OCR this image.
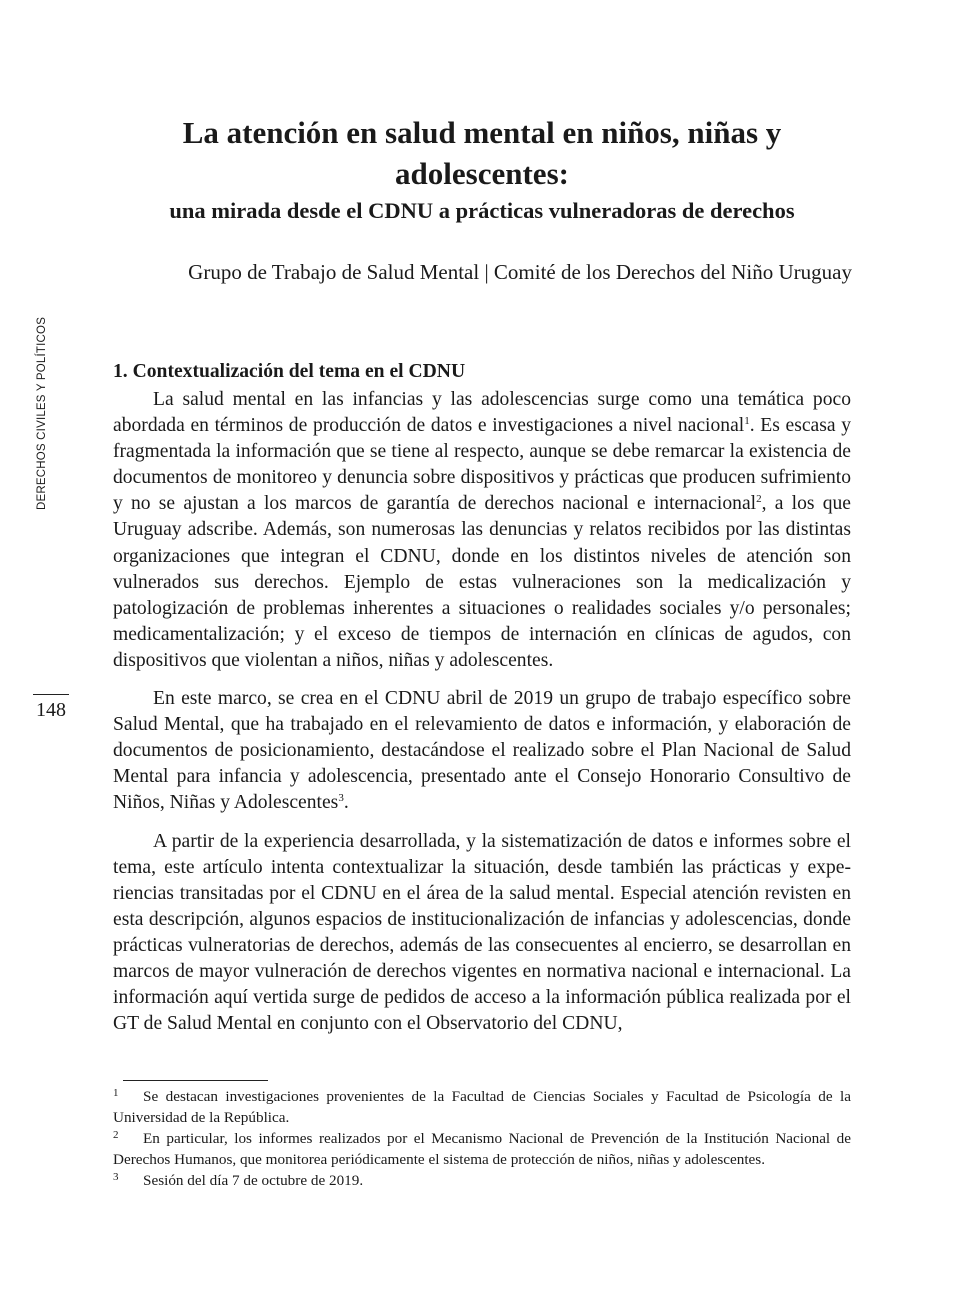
La atención en salud mental en niños, niñas y adolescentes:
una mirada desde el CDNU a prácticas vulneradoras de derechos
Grupo de Trabajo de Salud Mental | Comité de los Derechos del Niño Uruguay
DERECHOS CIVILES Y POLÍTICOS
148
1. Contextualización del tema en el CDNU

La salud mental en las infancias y las adolescencias surge como una temática poco abordada en términos de producción de datos e investigaciones a nivel nacional$^1$. Es escasa y fragmentada la información que se tiene al respecto, aunque se debe remarcar la existencia de documentos de monitoreo y denuncia sobre dispositivos y prácticas que producen sufrimiento y no se ajustan a los marcos de garantía de derechos nacional e internacional$^2$, a los que Uruguay adscribe. Además, son numerosas las denuncias y relatos recibidos por las distintas organizaciones que integran el CDNU, donde en los distintos niveles de atención son vulnerados sus derechos. Ejemplo de estas vulneraciones son la medicalización y patologización de problemas inherentes a situaciones o realidades sociales y/o personales; medicamentalización; y el exceso de tiempos de internación en clínicas de agudos, con dispositivos que violentan a niños, niñas y adolescentes.

En este marco, se crea en el CDNU abril de 2019 un grupo de trabajo específico sobre Salud Mental, que ha trabajado en el relevamiento de datos e información, y elaboración de documentos de posicionamiento, destacándose el realizado sobre el Plan Nacional de Salud Mental para infancia y adolescencia, presentado ante el Consejo Honorario Consultivo de Niños, Niñas y Adolescentes$^3$.

A partir de la experiencia desarrollada, y la sistematización de datos e informes sobre el tema, este artículo intenta contextualizar la situación, desde también las prácticas y experiencias transitadas por el CDNU en el área de la salud mental. Especial atención revisten en esta descripción, algunos espacios de institucionalización de infancias y adolescencias, donde prácticas vulneratorias de derechos, además de las consecuentes al encierro, se desarrollan en marcos de mayor vulneración de derechos vigentes en normativa nacional e internacional. La información aquí vertida surge de pedidos de acceso a la información pública realizada por el GT de Salud Mental en conjunto con el Observatorio del CDNU,

1 Se destacan investigaciones provenientes de la Facultad de Ciencias Sociales y Facultad de Psicología de la Universidad de la República.
2 En particular, los informes realizados por el Mecanismo Nacional de Prevención de la Institución Nacional de Derechos Humanos, que monitorea periódicamente el sistema de protección de niños, niñas y adolescentes.
3 Sesión del día 7 de octubre de 2019.
